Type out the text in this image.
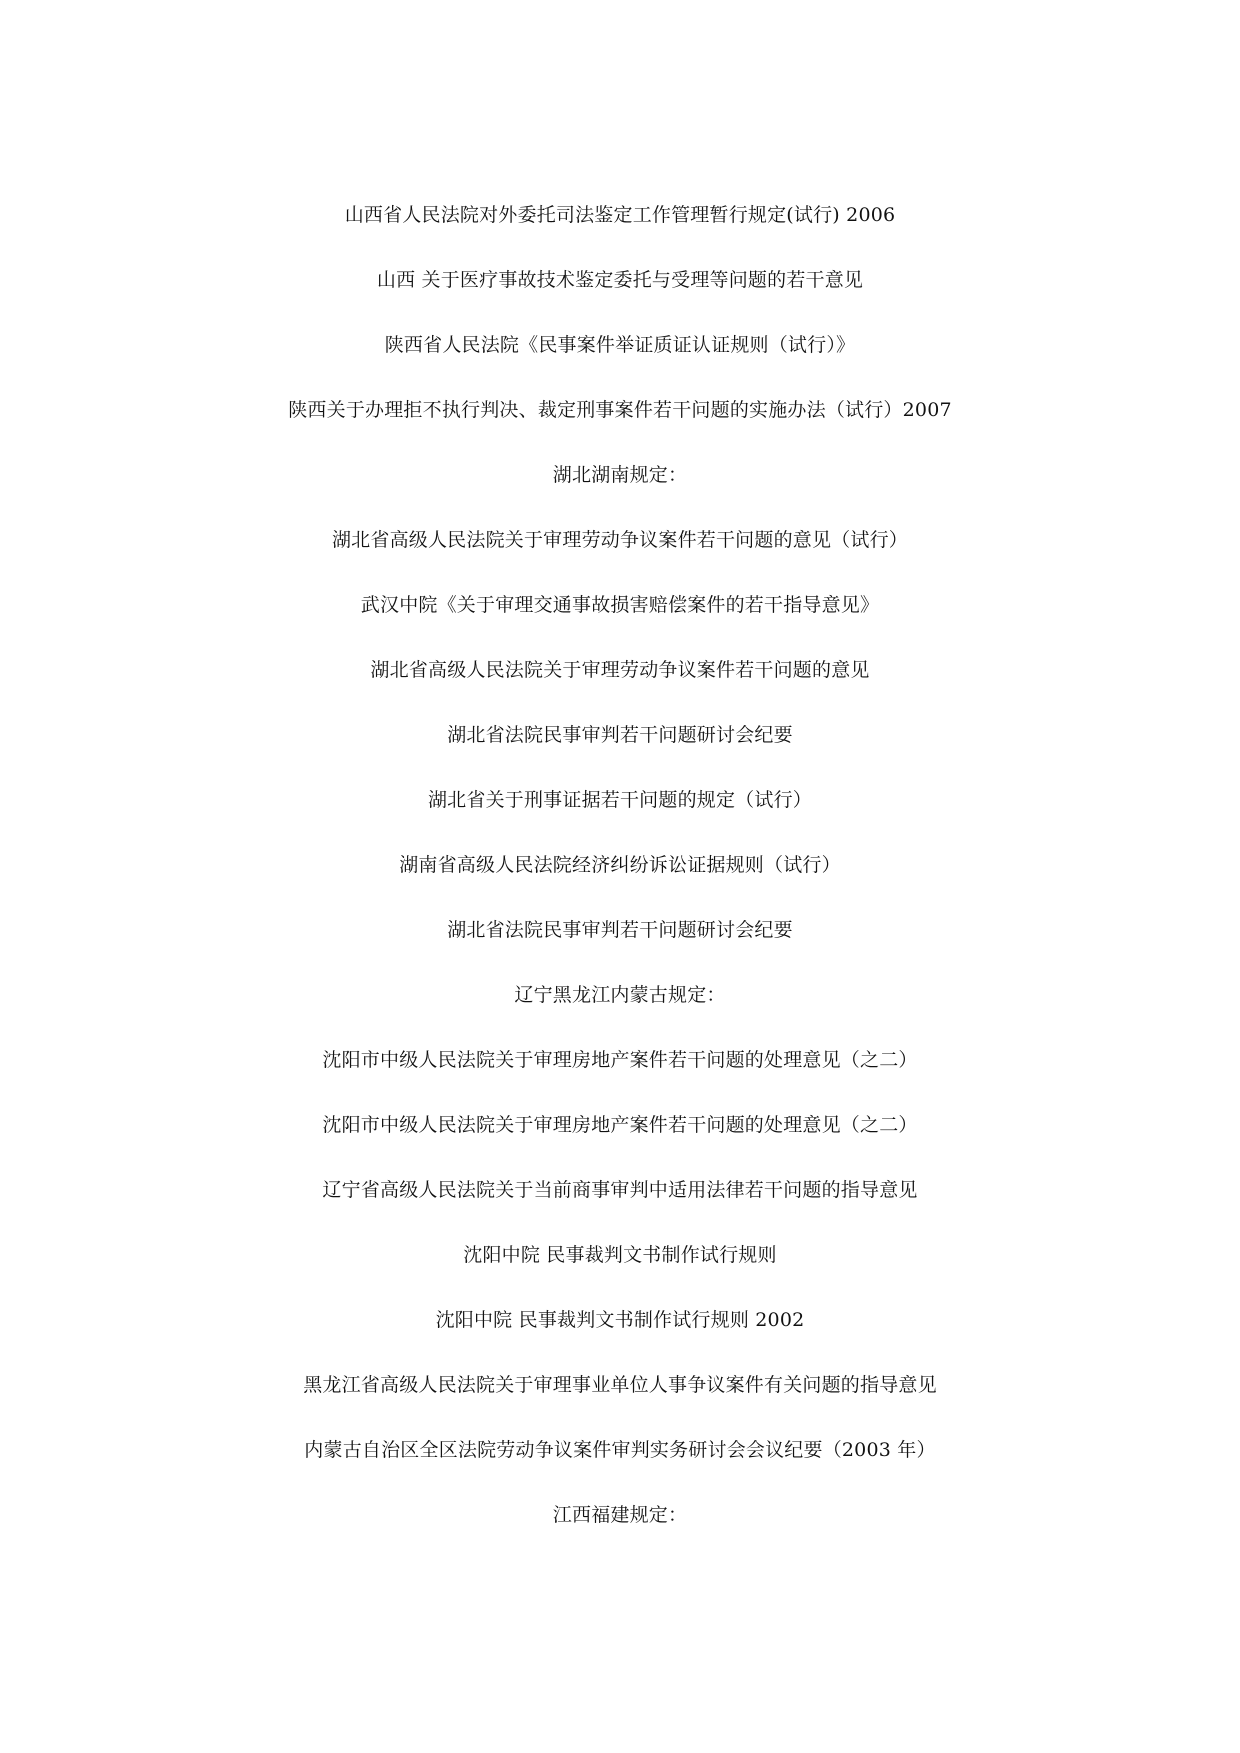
山西省人民法院对外委托司法鉴定工作管理暂行规定(试行) 2006
山西 关于医疗事故技术鉴定委托与受理等问题的若干意见
陕西省人民法院《民事案件举证质证认证规则（试行）》
陕西关于办理拒不执行判决、裁定刑事案件若干问题的实施办法（试行）2007
湖北湖南规定：
湖北省高级人民法院关于审理劳动争议案件若干问题的意见（试行）
武汉中院《关于审理交通事故损害赔偿案件的若干指导意见》
湖北省高级人民法院关于审理劳动争议案件若干问题的意见
湖北省法院民事审判若干问题研讨会纪要
湖北省关于刑事证据若干问题的规定（试行）
湖南省高级人民法院经济纠纷诉讼证据规则（试行）
湖北省法院民事审判若干问题研讨会纪要
辽宁黑龙江内蒙古规定：
沈阳市中级人民法院关于审理房地产案件若干问题的处理意见（之二）
沈阳市中级人民法院关于审理房地产案件若干问题的处理意见（之二）
辽宁省高级人民法院关于当前商事审判中适用法律若干问题的指导意见
沈阳中院 民事裁判文书制作试行规则
沈阳中院 民事裁判文书制作试行规则 2002
黑龙江省高级人民法院关于审理事业单位人事争议案件有关问题的指导意见
内蒙古自治区全区法院劳动争议案件审判实务研讨会会议纪要（2003 年）
江西福建规定：
